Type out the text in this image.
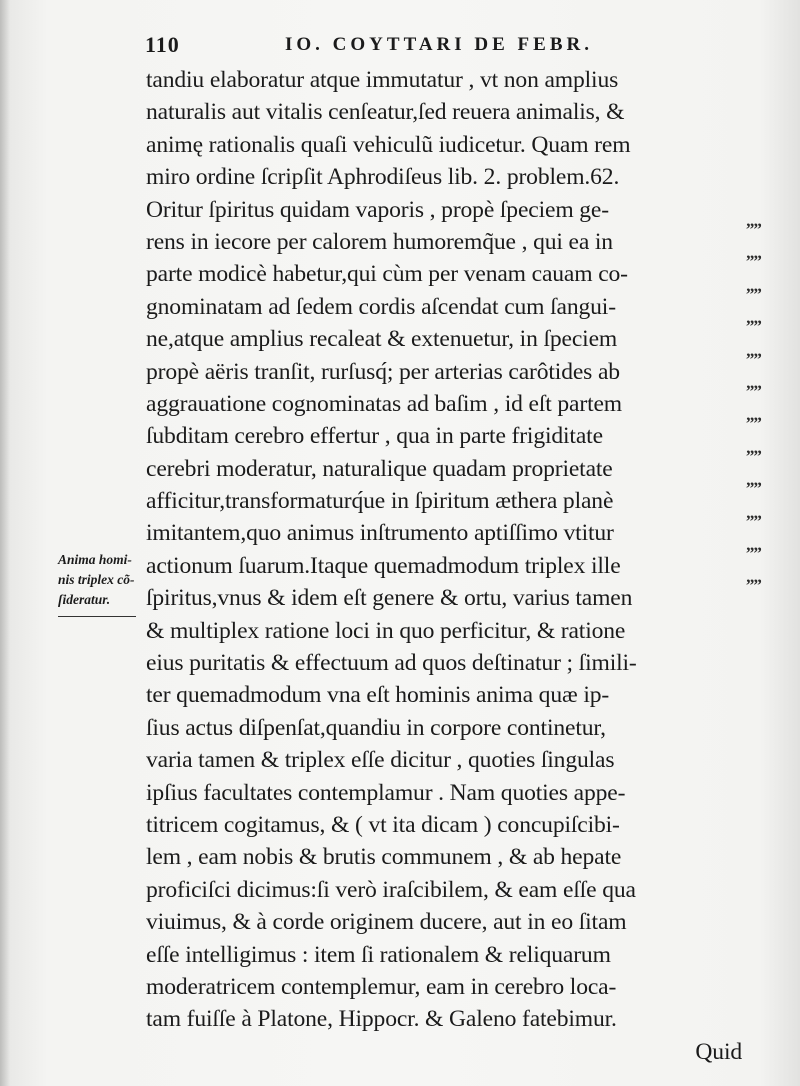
110	IO. COYTTARI DE FEBR.
tandiu elaboratur atque immutatur , vt non amplius
naturalis aut vitalis cenſeatur,ſed reuera animalis, &
animę rationalis quaſi vehiculũ iudicetur. Quam rem
miro ordine ſcripſit Aphrodiſeus lib. 2. problem.62.
Oritur ſpiritus quidam vaporis , propè ſpeciem ge-
rens in iecore per calorem humoremq̃ue , qui ea in
parte modicè habetur,qui cùm per venam cauam co-
gnominatam ad ſedem cordis aſcendat cum ſangui-
ne,atque amplius recaleat & extenuetur, in ſpeciem
propè aëris tranſit, rurſusq́; per arterias carôtides ab
aggrauatione cognominatas ad baſim , id eſt partem
ſubditam cerebro effertur , qua in parte frigiditate
cerebri moderatur, naturalique quadam proprietate
afficitur,transformaturq́ue in ſpiritum æthera planè
imitantem,quo animus inſtrumento aptiſſimo vtitur
actionum ſuarum.Itaque quemadmodum triplex ille
ſpiritus,vnus & idem eſt genere & ortu, varius tamen
& multiplex ratione loci in quo perficitur, & ratione
eius puritatis & effectuum ad quos deſtinatur ; ſimili-
ter quemadmodum vna eſt hominis anima quæ ip-
ſius actus diſpenſat,quandiu in corpore continetur,
varia tamen & triplex eſſe dicitur , quoties ſingulas
ipſius facultates contemplamur . Nam quoties appe-
titricem cogitamus, & ( vt ita dicam ) concupiſcibi-
lem , eam nobis & brutis communem , & ab hepate
proficiſci dicimus:ſi verò iraſcibilem, & eam eſſe qua
viuimus, & à corde originem ducere, aut in eo ſitam
eſſe intelligimus : item ſi rationalem & reliquarum
moderatricem contemplemur, eam in cerebro loca-
tam fuiſſe à Platone, Hippocr. & Galeno fatebimur.
Quid
„„
„„
„„
„„
„„
„„
„„
„„
„„
„„
„„
„„
Anima homi-
nis triplex cõ-
ſideratur.
